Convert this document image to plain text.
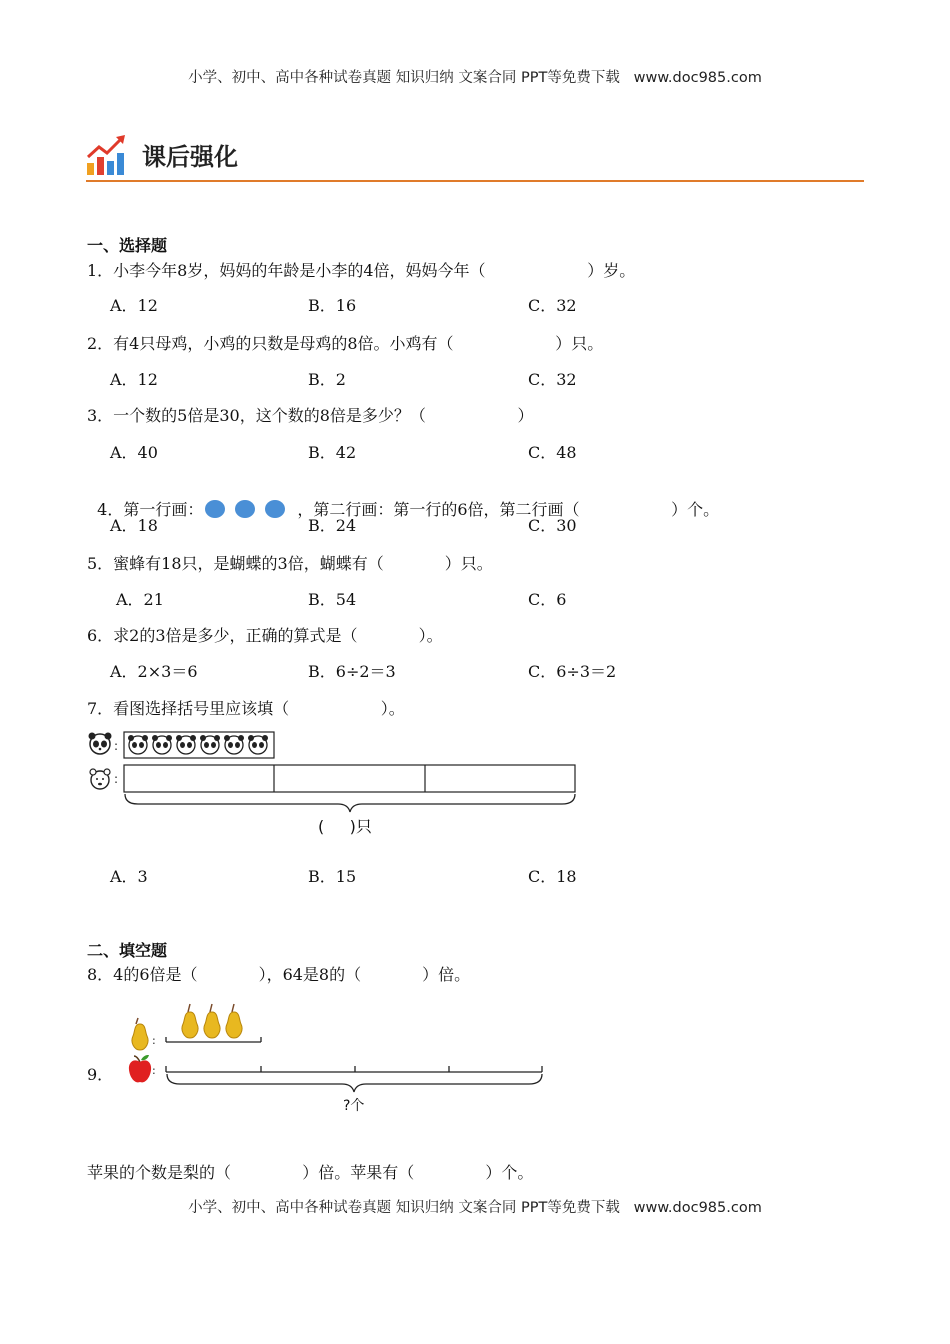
小学、初中、高中各种试卷真题 知识归纳 文案合同 PPT等免费下载   www.doc985.com
课后强化
一、选择题
1．小李今年8岁，妈妈的年龄是小李的4倍，妈妈今年（                    ）岁。
A．12	B．16	C．32
2．有4只母鸡，小鸡的只数是母鸡的8倍。小鸡有（                    ）只。
A．12	B．2	C．32
3．一个数的5倍是30，这个数的8倍是多少？（                  ）
A．40	B．42	C．48

4．第一行画：	，第二行画：第一行的6倍，第二行画（                  ）个。

A．18	B．24	C．30
5．蜜蜂有18只，是蝴蝶的3倍，蝴蝶有（            ）只。
A．21	B．54	C．6
6．求2的3倍是多少，正确的算式是（            ）。
A．2×3＝6	B．6÷2＝3	C．6÷3＝2
7．看图选择括号里应该填（                  ）。
:
:
(     )只
A．3	B．15	C．18
二、填空题
8．4的6倍是（            ），64是8的（            ）倍。
9．
:
:
?个
苹果的个数是梨的（              ）倍。苹果有（              ）个。
小学、初中、高中各种试卷真题 知识归纳 文案合同 PPT等免费下载   www.doc985.com
